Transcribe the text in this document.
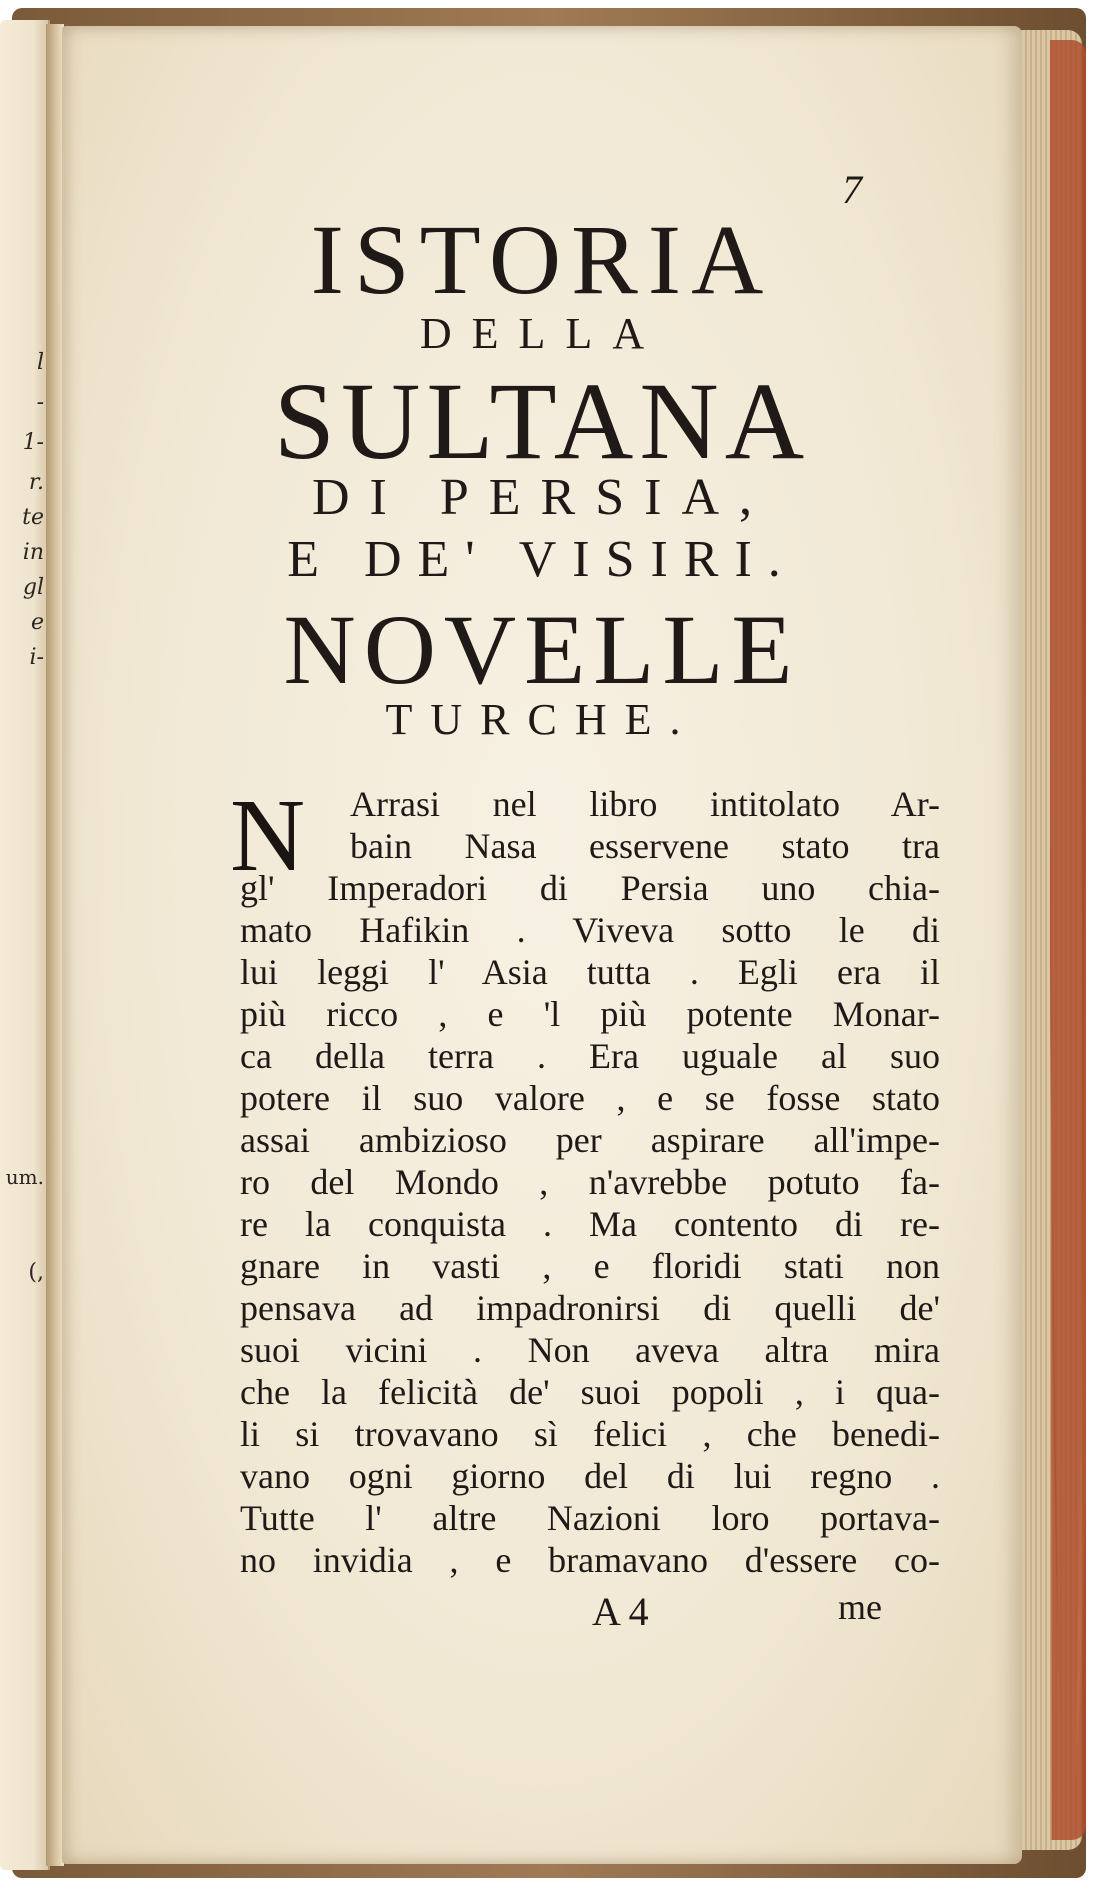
l
-
1-
r.
te
in
gl
e
i-
um.
(,
7
ISTORIA
DELLA
SULTANA
DI PERSIA,
E DE' VISIRI.
NOVELLE
TURCHE.
N Arrasi nel libro intitolato Ar-
bain Nasa esservene stato tra
gl' Imperadori di Persia uno chia-
mato Hafikin . Viveva sotto le di
lui leggi l' Asia tutta . Egli era il
più ricco , e 'l più potente Monar-
ca della terra . Era uguale al suo
potere il suo valore , e se fosse stato
assai ambizioso per aspirare all'impe-
ro del Mondo , n'avrebbe potuto fa-
re la conquista . Ma contento di re-
gnare in vasti , e floridi stati non
pensava ad impadronirsi di quelli de'
suoi vicini . Non aveva altra mira
che la felicità de' suoi popoli , i qua-
li si trovavano sì felici , che benedi-
vano ogni giorno del di lui regno .
Tutte l' altre Nazioni loro portava-
no invidia , e bramavano d'essere co-
A 4	me
